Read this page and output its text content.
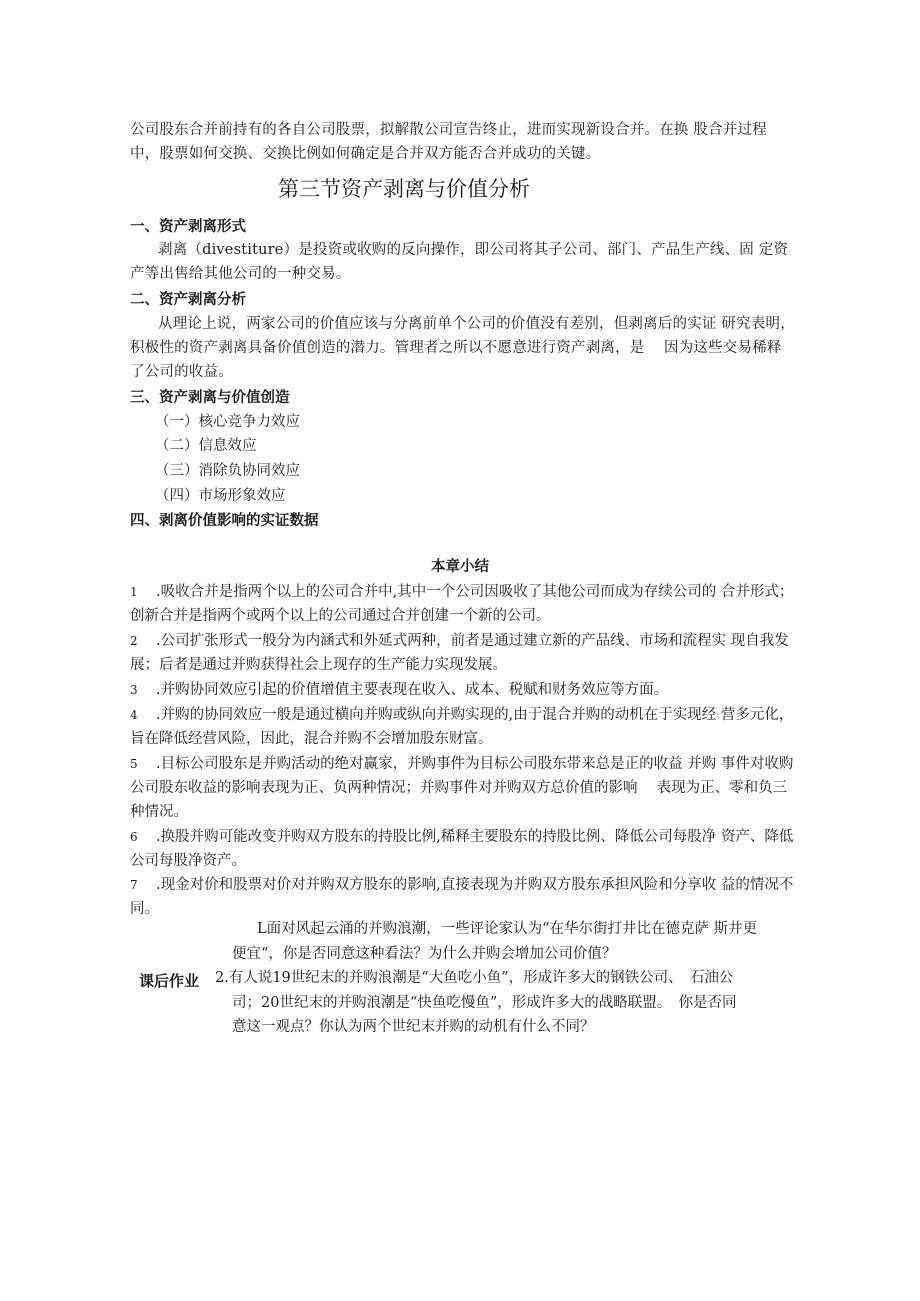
公司股东合并前持有的各自公司股票，拟解散公司宣告终止，进而实现新设合并。在换 股合并过程
中，股票如何交换、交换比例如何确定是合并双方能否合并成功的关键。
第三节资产剥离与价值分析
一、资产剥离形式
剥离（divestiture）是投资或收购的反向操作，即公司将其子公司、部门、产品生产线、固 定资产等出售给其他公司的一种交易。
二、资产剥离分析
从理论上说，两家公司的价值应该与分离前单个公司的价值没有差别，但剥离后的实证 研究表明，积极性的资产剥离具备价值创造的潜力。管理者之所以不愿意进行资产剥离，是　 因为这些交易稀释了公司的收益。
三、资产剥离与价值创造
（一）核心竞争力效应
（二）信息效应
（三）消除负协同效应
（四）市场形象效应
四、剥离价值影响的实证数据
本章小结
1 .吸收合并是指两个以上的公司合并中,其中一个公司因吸收了其他公司而成为存续公司的 合并形式；创新合并是指两个或两个以上的公司通过合并创建一个新的公司。
2 .公司扩张形式一般分为内涵式和外延式两种，前者是通过建立新的产品线、市场和流程实 现自我发展；后者是通过并购获得社会上现存的生产能力实现发展。
3 .并购协同效应引起的价值增值主要表现在收入、成本、税赋和财务效应等方面。
4 .并购的协同效应一般是通过横向并购或纵向并购实现的,由于混合并购的动机在于实现经 营多元化，旨在降低经营风险，因此，混合并购不会增加股东财富。
5 .目标公司股东是并购活动的绝对赢家，并购事件为目标公司股东带来总是正的收益 并购 事件对收购公司股东收益的影响表现为正、负两种情况；并购事件对并购双方总价值的影响　 表现为正、零和负三种情况。
6 .换股并购可能改变并购双方股东的持股比例,稀释主要股东的持股比例、降低公司每股净 资产、降低公司每股净资产。
7 .现金对价和股票对价对并购双方股东的影响,直接表现为并购双方股东承担风险和分享收 益的情况不同。
课后作业
L面对风起云涌的并购浪潮，一些评论家认为“在华尔街打井比在德克萨 斯井更
便宜“，你是否同意这种看法？为什么并购会增加公司价值？
2.有人说19世纪末的并购浪潮是“大鱼吃小鱼”，形成许多大的钢铁公司、　石油公
司；20世纪末的并购浪潮是“快鱼吃慢鱼”，形成许多大的战略联盟。　你是否同
意这一观点？你认为两个世纪末并购的动机有什么不同？
